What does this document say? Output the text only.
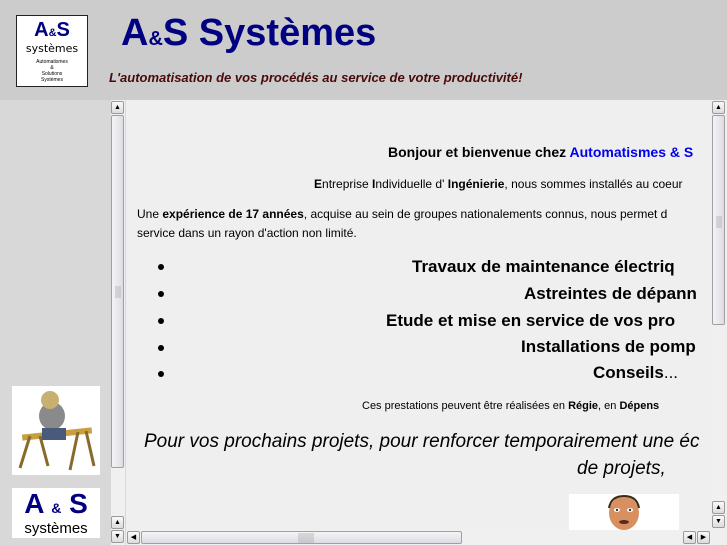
A&S
systèmes
Automatismes
&
Solutions
Systèmes
A&S Systèmes
L'automatisation de vos procédés au service de votre productivité!
A & S
systèmes
▲
▲
▼
Bonjour et bienvenue chez Automatismes & S
Entreprise Individuelle d' Ingénierie, nous sommes installés au coeur
Une expérience de 17 années, acquise au sein de groupes nationalements connus, nous permet d
service dans un rayon d'action non limité.
Travaux de maintenance électriq
Astreintes de dépann
Etude et mise en service de vos pro
Installations de pomp
Conseils...
Ces prestations peuvent être réalisées en Régie, en Dépens
Pour vos prochains projets, pour renforcer temporairement une éc
de projets,
▲
▲
▼
◀	◀	▶
